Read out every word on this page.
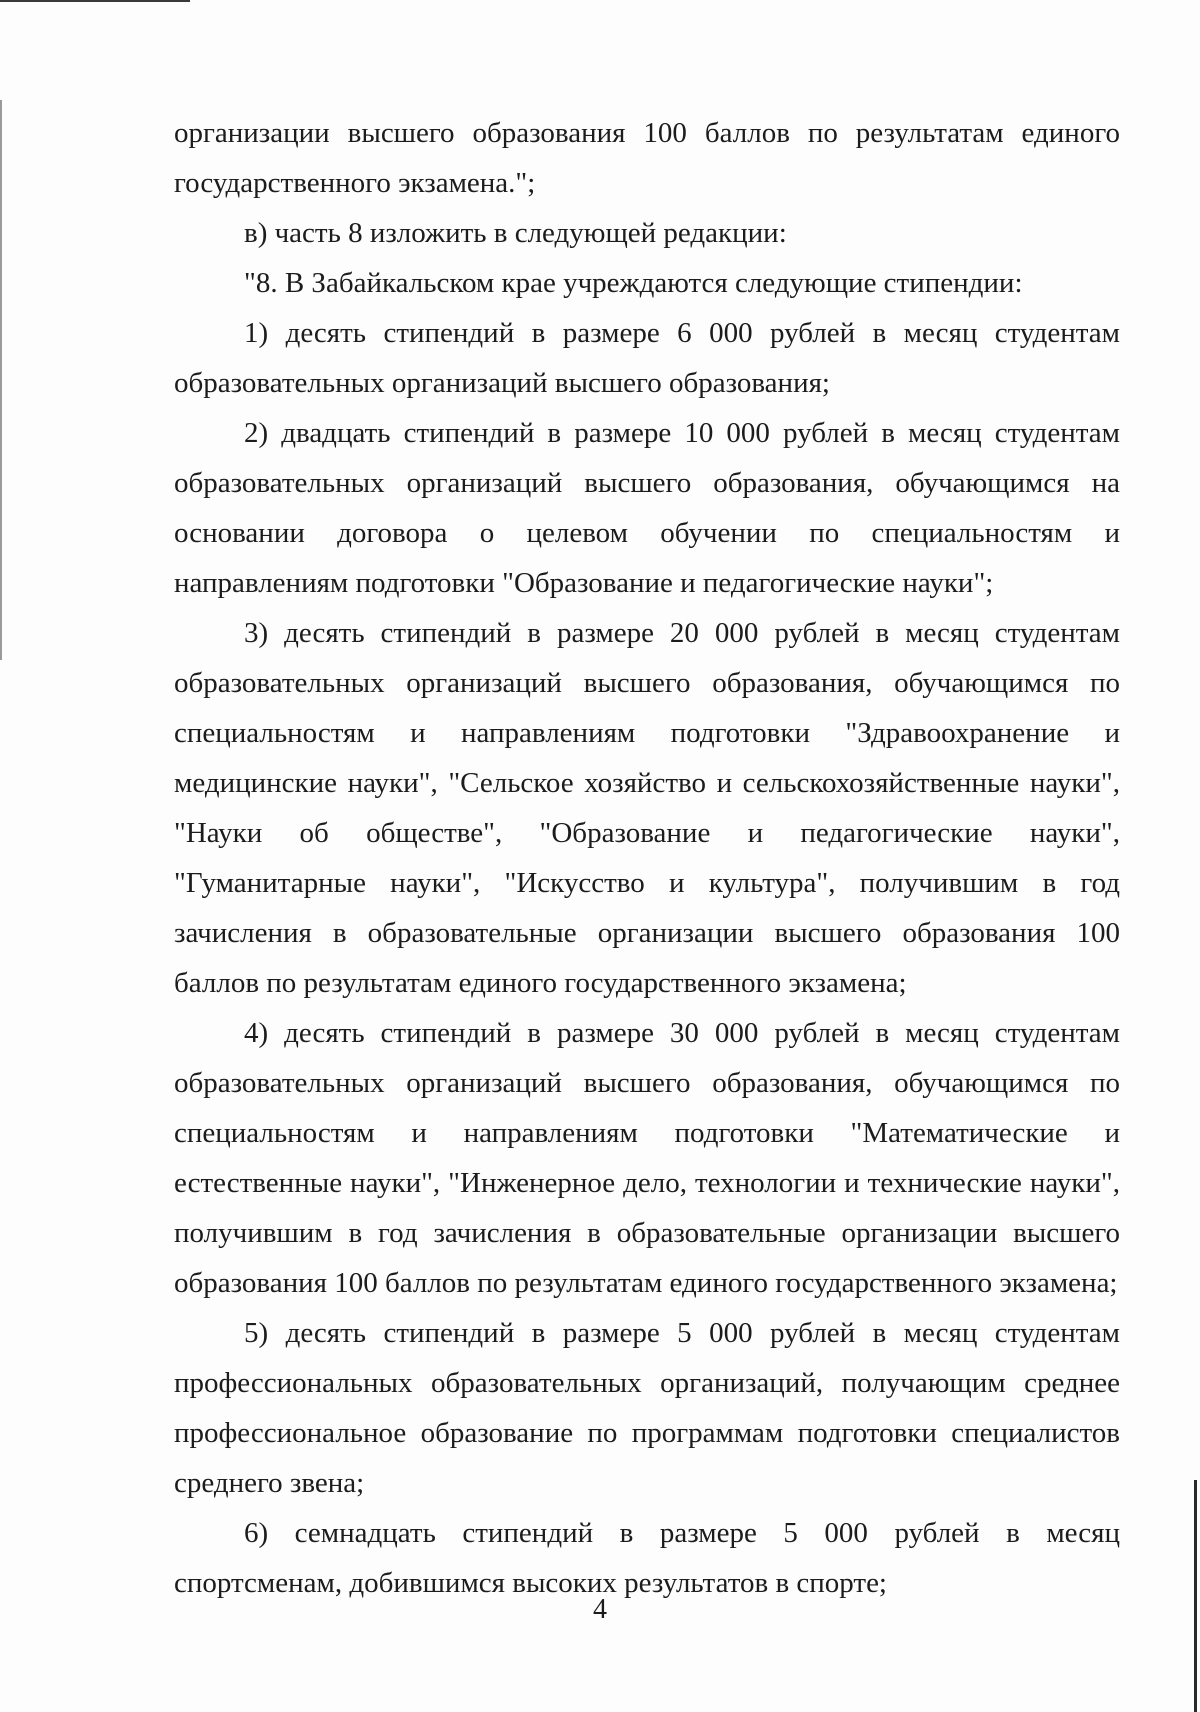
организации высшего образования 100 баллов по результатам единого государственного экзамена.";

в) часть 8 изложить в следующей редакции:

"8. В Забайкальском крае учреждаются следующие стипендии:

1) десять стипендий в размере 6 000 рублей в месяц студентам образовательных организаций высшего образования;

2) двадцать стипендий в размере 10 000 рублей в месяц студентам образовательных организаций высшего образования, обучающимся на основании договора о целевом обучении по специальностям и направлениям подготовки "Образование и педагогические науки";

3) десять стипендий в размере 20 000 рублей в месяц студентам образовательных организаций высшего образования, обучающимся по специальностям и направлениям подготовки "Здравоохранение и медицинские науки", "Сельское хозяйство и сельскохозяйственные науки", "Науки об обществе", "Образование и педагогические науки", "Гуманитарные науки", "Искусство и культура", получившим в год зачисления в образовательные организации высшего образования 100 баллов по результатам единого государственного экзамена;

4) десять стипендий в размере 30 000 рублей в месяц студентам образовательных организаций высшего образования, обучающимся по специальностям и направлениям подготовки "Математические и естественные науки", "Инженерное дело, технологии и технические науки", получившим в год зачисления в образовательные организации высшего образования 100 баллов по результатам единого государственного экзамена;

5) десять стипендий в размере 5 000 рублей в месяц студентам профессиональных образовательных организаций, получающим среднее профессиональное образование по программам подготовки специалистов среднего звена;

6) семнадцать стипендий в размере 5 000 рублей в месяц спортсменам, добившимся высоких результатов в спорте;

4
